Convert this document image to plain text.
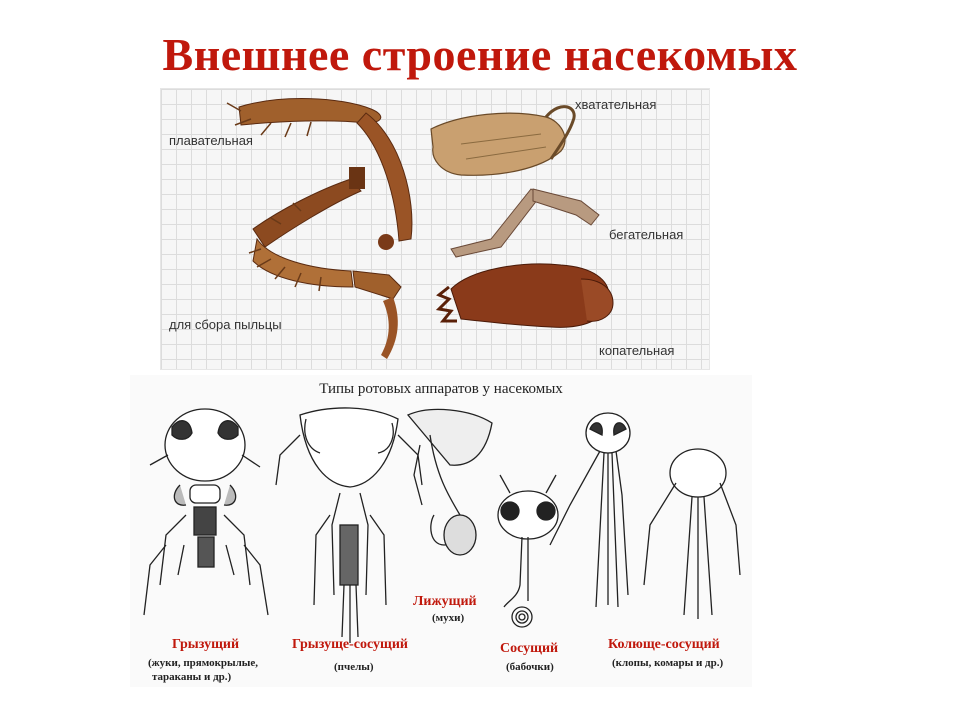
Внешнее строение насекомых
плавательная
хватательная
бегательная
для сбора пыльцы
копательная
Типы ротовых аппаратов у насекомых
Грызущий
(жуки, прямокрылые,
тараканы и др.)
Грызуще-сосущий
(пчелы)
Лижущий
(мухи)
Сосущий
(бабочки)
Колюще-сосущий
(клопы, комары и др.)
